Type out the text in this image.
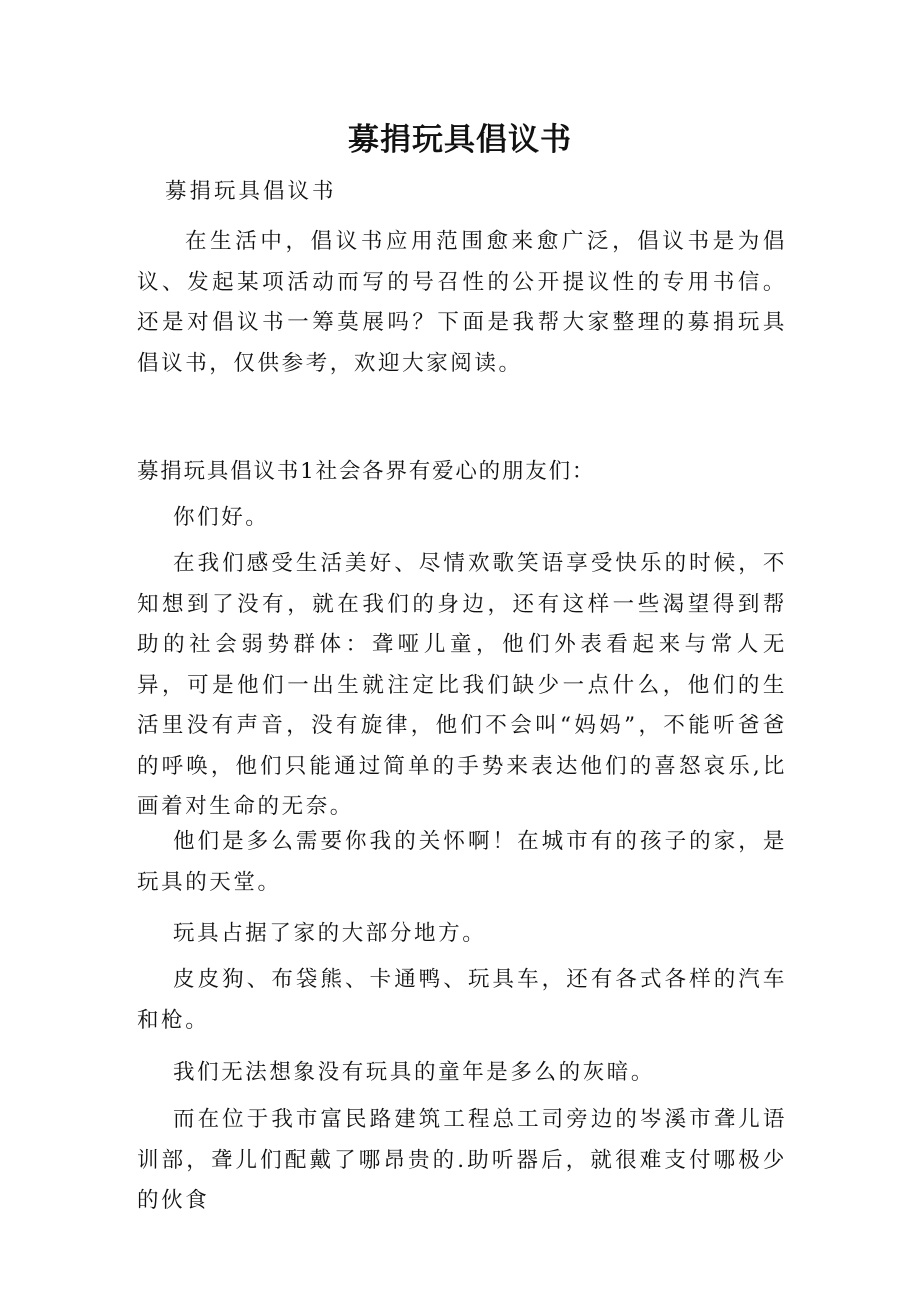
募捐玩具倡议书

募捐玩具倡议书

在生活中，倡议书应用范围愈来愈广泛，倡议书是为倡议、发起某项活动而写的号召性的公开提议性的专用书信。还是对倡议书一筹莫展吗？下面是我帮大家整理的募捐玩具倡议书，仅供参考，欢迎大家阅读。

募捐玩具倡议书1社会各界有爱心的朋友们：

你们好。

在我们感受生活美好、尽情欢歌笑语享受快乐的时候，不知想到了没有，就在我们的身边，还有这样一些渴望得到帮助的社会弱势群体：聋哑儿童，他们外表看起来与常人无异，可是他们一出生就注定比我们缺少一点什么，他们的生活里没有声音，没有旋律，他们不会叫“妈妈”，不能听爸爸的呼唤，他们只能通过简单的手势来表达他们的喜怒哀乐,比画着对生命的无奈。

他们是多么需要你我的关怀啊！在城市有的孩子的家，是玩具的天堂。

玩具占据了家的大部分地方。

皮皮狗、布袋熊、卡通鸭、玩具车，还有各式各样的汽车和枪。

我们无法想象没有玩具的童年是多么的灰暗。

而在位于我市富民路建筑工程总工司旁边的岑溪市聋儿语训部，聋儿们配戴了哪昂贵的.助听器后，就很难支付哪极少的伙食
